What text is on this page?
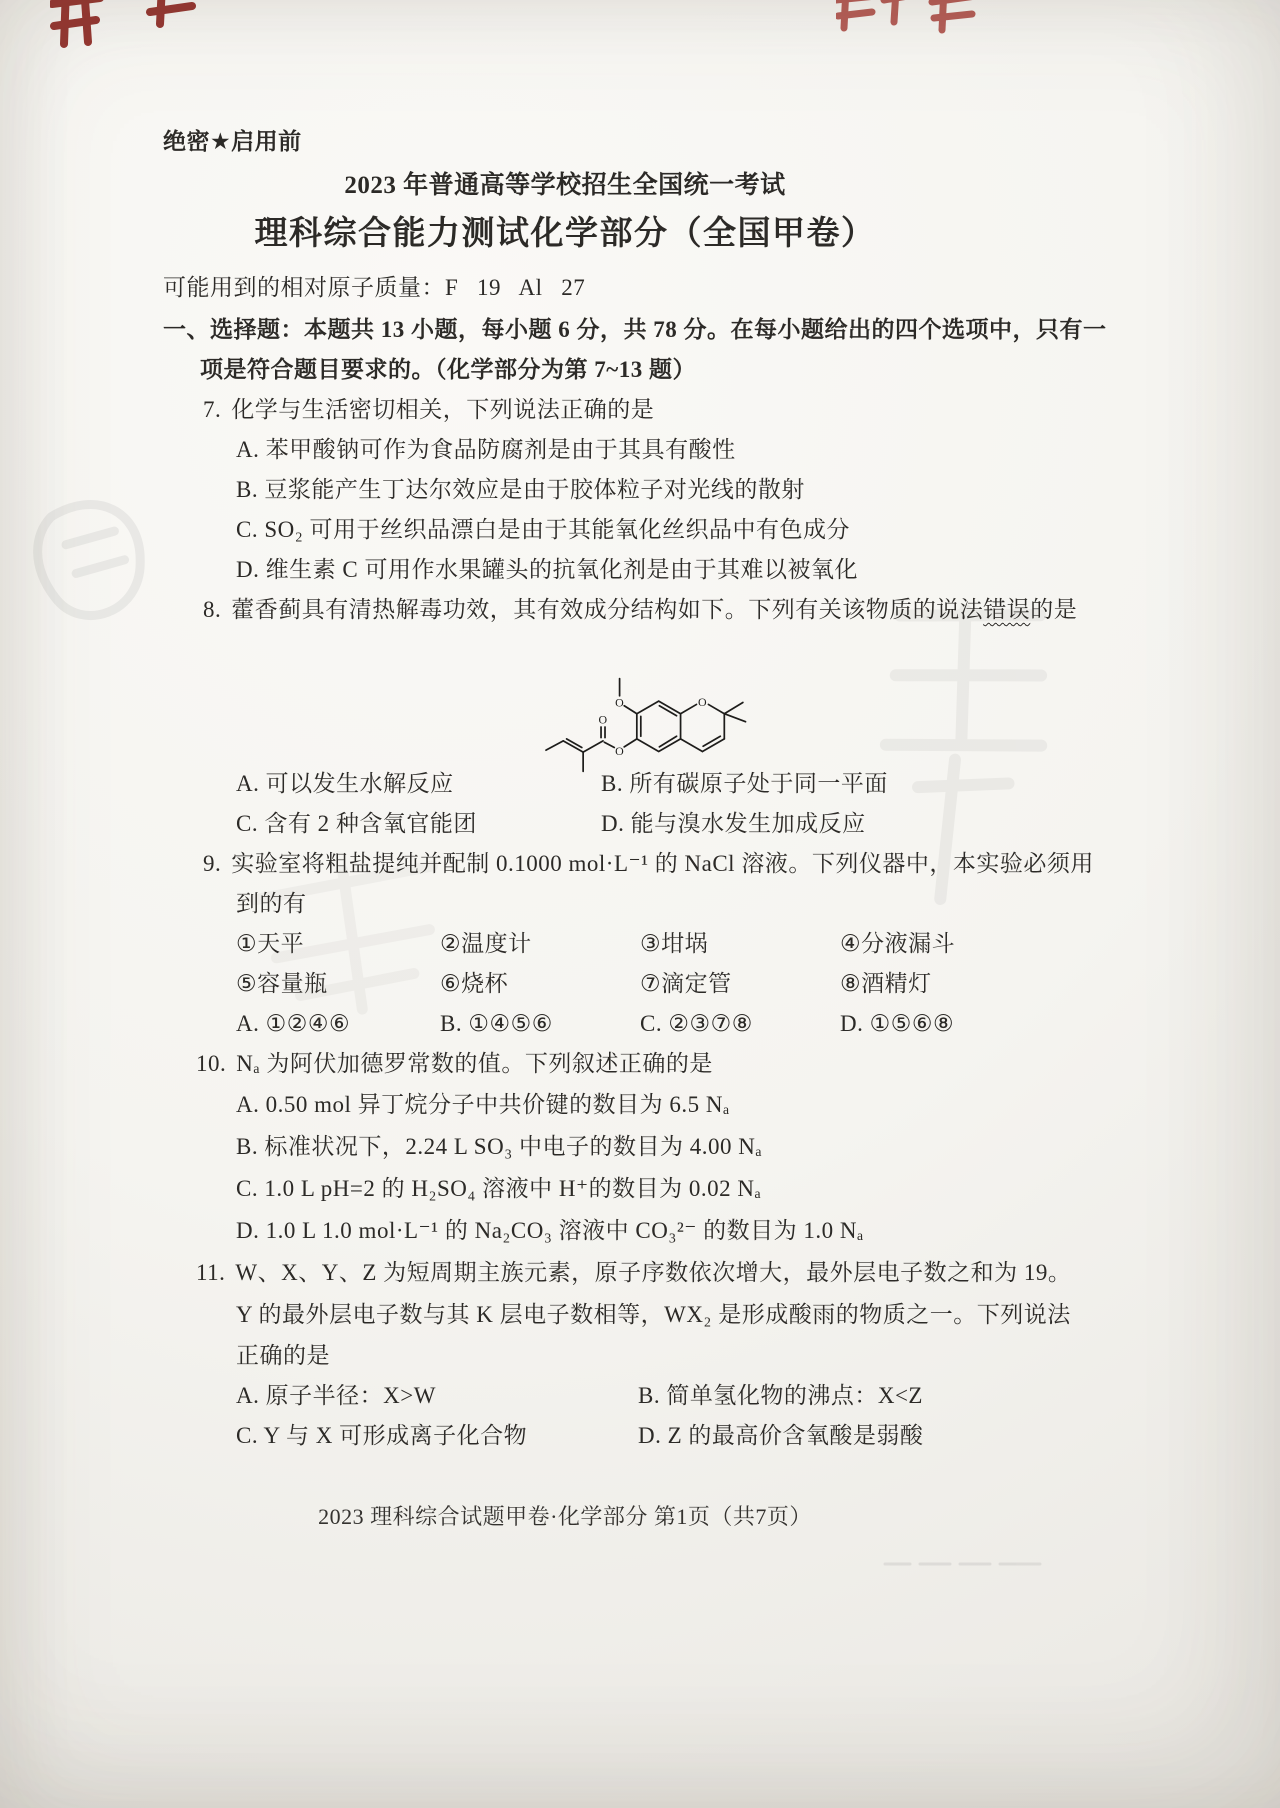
绝密★启用前
2023 年普通高等学校招生全国统一考试
理科综合能力测试化学部分（全国甲卷）
可能用到的相对原子质量：F   19   Al   27
一、选择题：本题共 13 小题，每小题 6 分，共 78 分。在每小题给出的四个选项中，只有一
项是符合题目要求的。（化学部分为第 7~13 题）
7. 化学与生活密切相关，下列说法正确的是
A. 苯甲酸钠可作为食品防腐剂是由于其具有酸性
B. 豆浆能产生丁达尔效应是由于胶体粒子对光线的散射
C. SO₂ 可用于丝织品漂白是由于其能氧化丝织品中有色成分
D. 维生素 C 可用作水果罐头的抗氧化剂是由于其难以被氧化
8. 藿香蓟具有清热解毒功效，其有效成分结构如下。下列有关该物质的说法错误的是

O
O
O
O

A. 可以发生水解反应	B. 所有碳原子处于同一平面
C. 含有 2 种含氧官能团	D. 能与溴水发生加成反应
9. 实验室将粗盐提纯并配制 0.1000 mol·L⁻¹ 的 NaCl 溶液。下列仪器中，本实验必须用
到的有
①天平	②温度计	③坩埚	④分液漏斗
⑤容量瓶	⑥烧杯	⑦滴定管	⑧酒精灯
A. ①②④⑥	B. ①④⑤⑥	C. ②③⑦⑧	D. ①⑤⑥⑧
10. Nₐ 为阿伏加德罗常数的值。下列叙述正确的是
A. 0.50 mol 异丁烷分子中共价键的数目为 6.5 Nₐ
B. 标准状况下，2.24 L SO₃ 中电子的数目为 4.00 Nₐ
C. 1.0 L pH=2 的 H₂SO₄ 溶液中 H⁺的数目为 0.02 Nₐ
D. 1.0 L 1.0 mol·L⁻¹ 的 Na₂CO₃ 溶液中 CO₃²⁻ 的数目为 1.0 Nₐ
11. W、X、Y、Z 为短周期主族元素，原子序数依次增大，最外层电子数之和为 19。
Y 的最外层电子数与其 K 层电子数相等，WX₂ 是形成酸雨的物质之一。下列说法
正确的是
A. 原子半径：X>W	B. 简单氢化物的沸点：X<Z
C. Y 与 X 可形成离子化合物	D. Z 的最高价含氧酸是弱酸
2023 理科综合试题甲卷·化学部分 第1页（共7页）
